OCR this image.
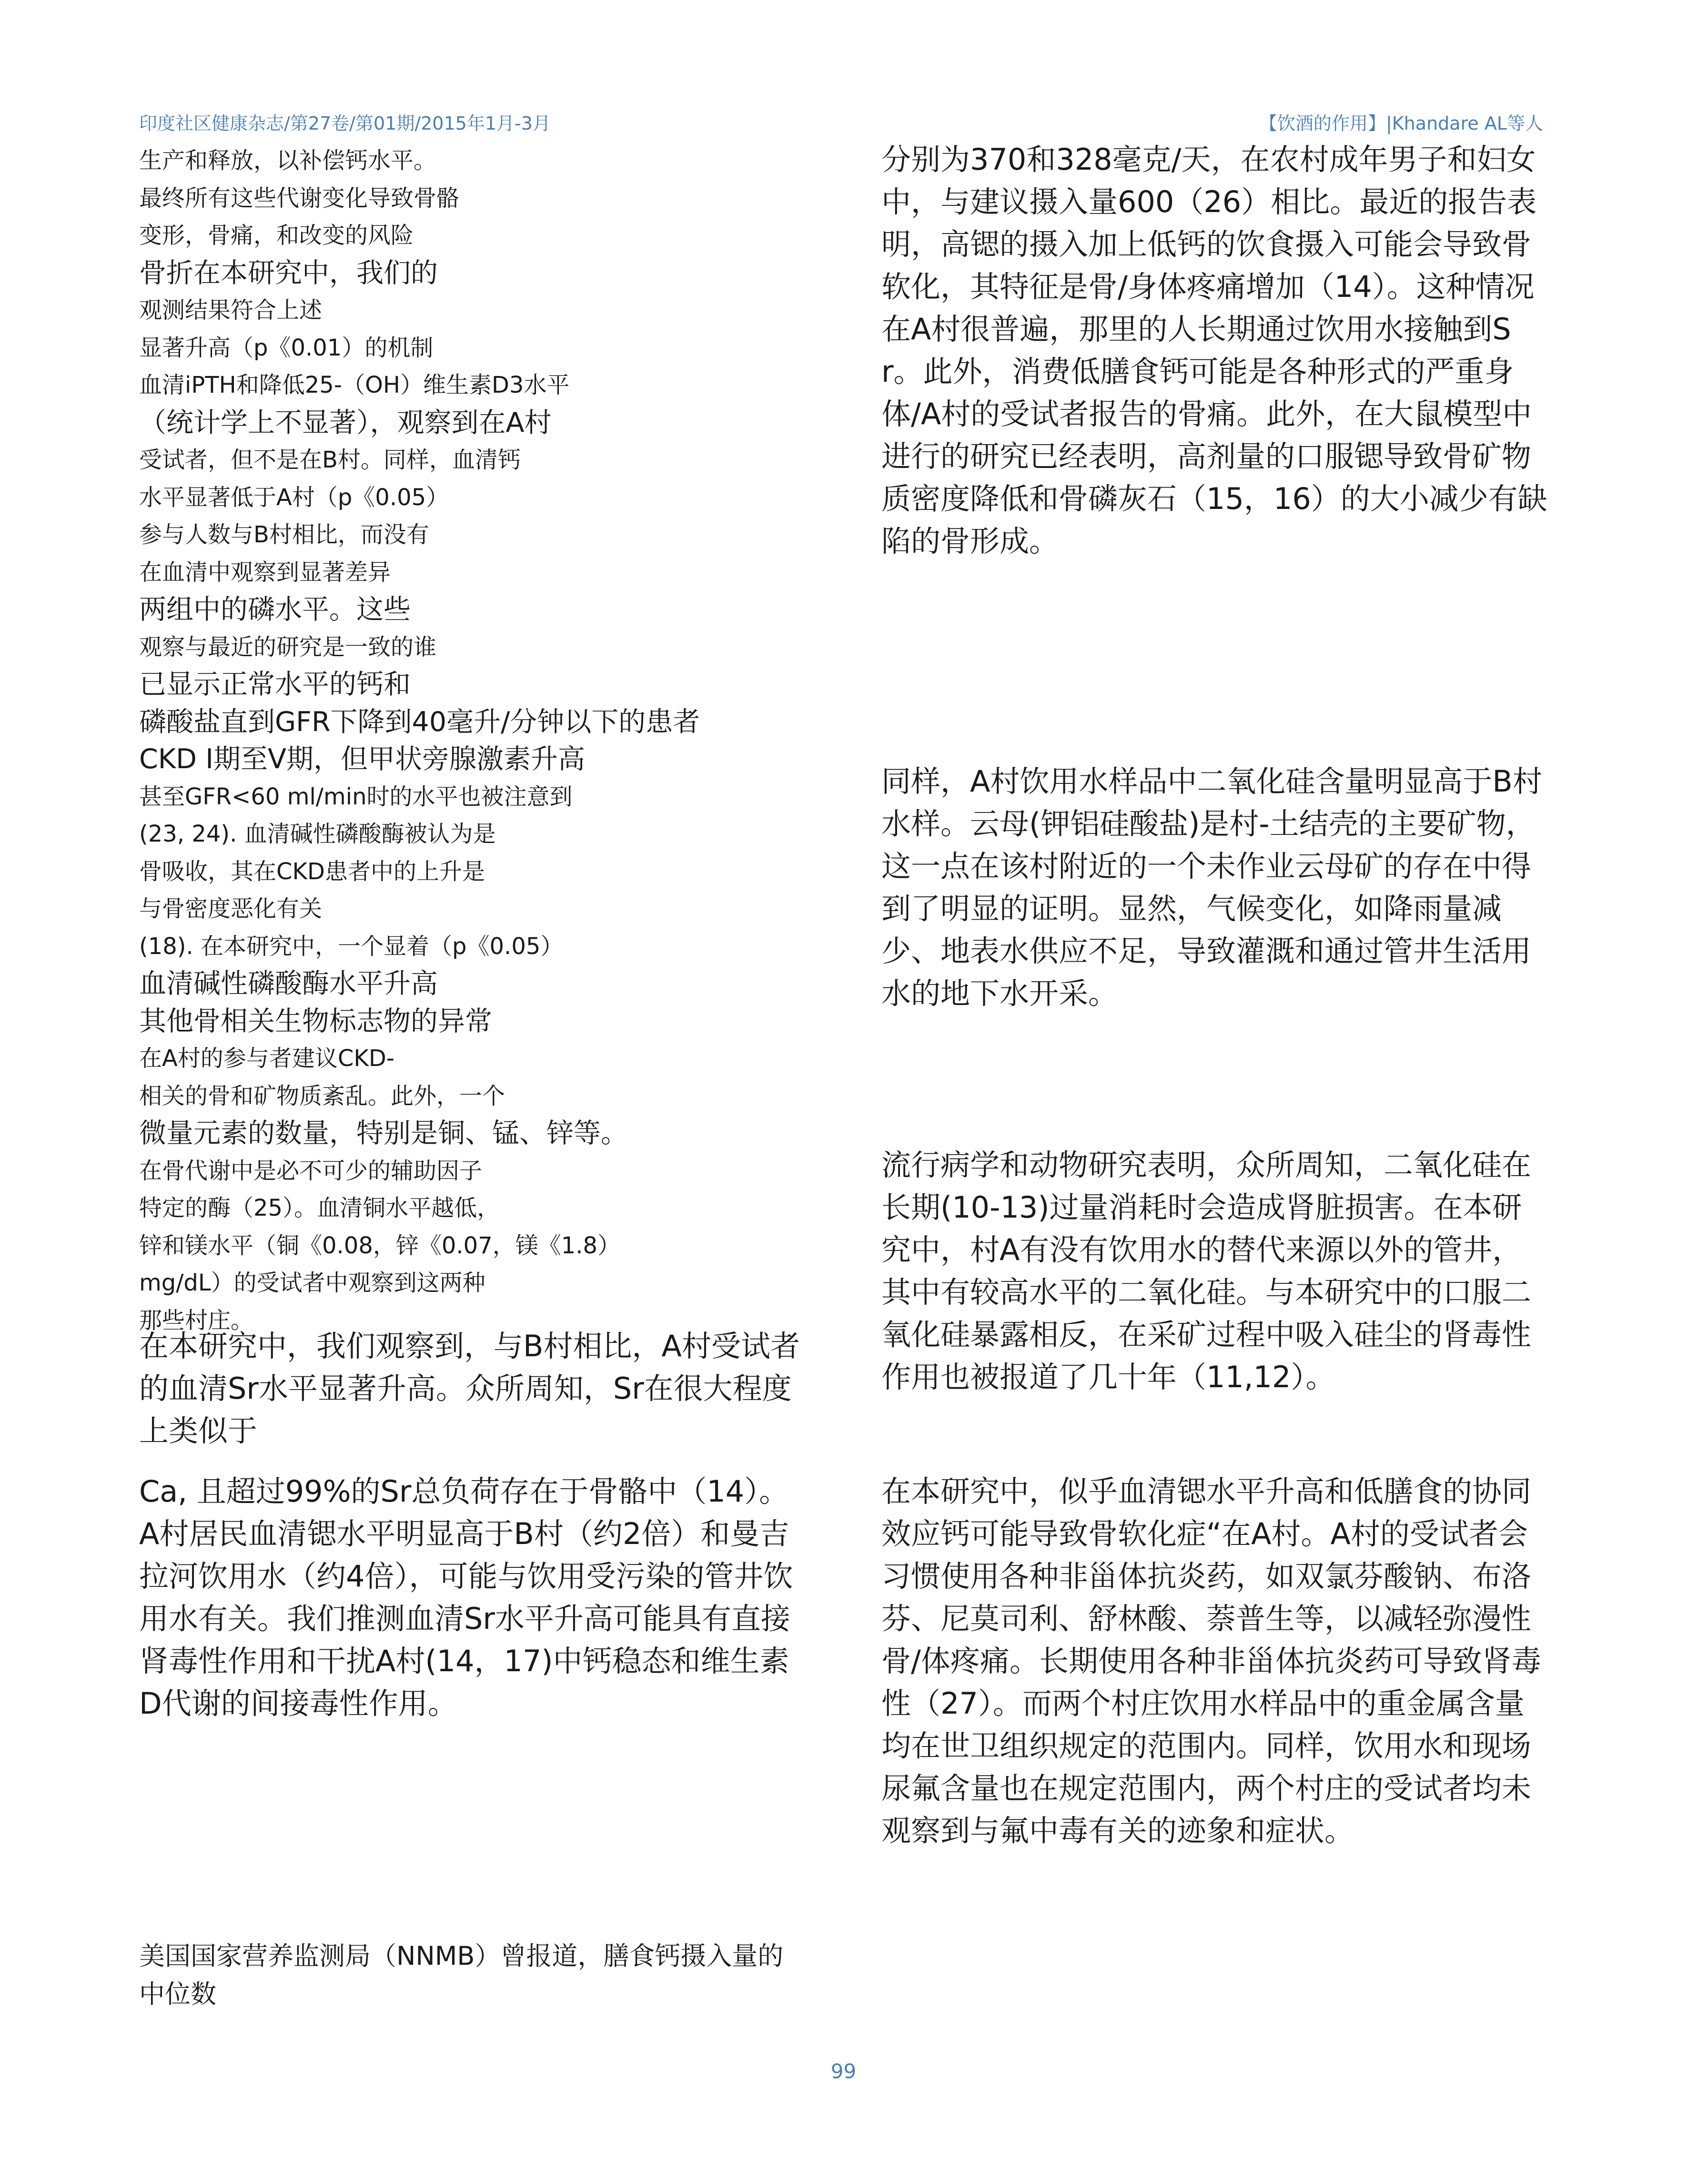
印度社区健康杂志/第27卷/第01期/2015年1月-3月	【饮酒的作用】|Khandare AL等人
生产和释放，以补偿钙水平。
最终所有这些代谢变化导致骨骼
变形，骨痛，和改变的风险
骨折在本研究中，我们的
观测结果符合上述
显著升高（p《0.01）的机制
血清iPTH和降低25-（OH）维生素D3水平
（统计学上不显著），观察到在A村
受试者，但不是在B村。同样，血清钙
水平显著低于A村（p《0.05）
参与人数与B村相比，而没有
在血清中观察到显著差异
两组中的磷水平。这些
观察与最近的研究是一致的谁
已显示正常水平的钙和
磷酸盐直到GFR下降到40毫升/分钟以下的患者
CKD I期至V期，但甲状旁腺激素升高
甚至GFR<60 ml/min时的水平也被注意到
(23, 24). 血清碱性磷酸酶被认为是
骨吸收，其在CKD患者中的上升是
与骨密度恶化有关
(18). 在本研究中，一个显着（p《0.05）
血清碱性磷酸酶水平升高
其他骨相关生物标志物的异常
在A村的参与者建议CKD-
相关的骨和矿物质紊乱。此外，一个
微量元素的数量，特别是铜、锰、锌等。
在骨代谢中是必不可少的辅助因子
特定的酶（25）。血清铜水平越低，
锌和镁水平（铜《0.08，锌《0.07，镁《1.8）
mg/dL）的受试者中观察到这两种
那些村庄。
在本研究中，我们观察到，与B村相比，A村受试者的血清Sr水平显著升高。众所周知，Sr在很大程度上类似于
Ca, 且超过99%的Sr总负荷存在于骨骼中（14）。A村居民血清锶水平明显高于B村（约2倍）和曼吉拉河饮用水（约4倍），可能与饮用受污染的管井饮用水有关。我们推测血清Sr水平升高可能具有直接肾毒性作用和干扰A村(14，17)中钙稳态和维生素D代谢的间接毒性作用。
美国国家营养监测局（NNMB）曾报道，膳食钙摄入量的中位数
分别为370和328毫克/天，在农村成年男子和妇女中，与建议摄入量600（26）相比。最近的报告表明，高锶的摄入加上低钙的饮食摄入可能会导致骨软化，其特征是骨/身体疼痛增加（14）。这种情况在A村很普遍，那里的人长期通过饮用水接触到Sr。此外，消费低膳食钙可能是各种形式的严重身体/A村的受试者报告的骨痛。此外，在大鼠模型中进行的研究已经表明，高剂量的口服锶导致骨矿物质密度降低和骨磷灰石（15，16）的大小减少有缺陷的骨形成。
同样，A村饮用水样品中二氧化硅含量明显高于B村水样。云母(钾铝硅酸盐)是村-土结壳的主要矿物，这一点在该村附近的一个未作业云母矿的存在中得到了明显的证明。显然，气候变化，如降雨量减少、地表水供应不足，导致灌溉和通过管井生活用水的地下水开采。
流行病学和动物研究表明，众所周知，二氧化硅在长期(10-13)过量消耗时会造成肾脏损害。在本研究中，村A有没有饮用水的替代来源以外的管井，其中有较高水平的二氧化硅。与本研究中的口服二氧化硅暴露相反，在采矿过程中吸入硅尘的肾毒性作用也被报道了几十年（11,12）。
在本研究中，似乎血清锶水平升高和低膳食的协同效应钙可能导致骨软化症“在A村。A村的受试者会习惯使用各种非甾体抗炎药，如双氯芬酸钠、布洛芬、尼莫司利、舒林酸、萘普生等，以减轻弥漫性骨/体疼痛。长期使用各种非甾体抗炎药可导致肾毒性（27）。而两个村庄饮用水样品中的重金属含量均在世卫组织规定的范围内。同样，饮用水和现场尿氟含量也在规定范围内，两个村庄的受试者均未观察到与氟中毒有关的迹象和症状。
99
